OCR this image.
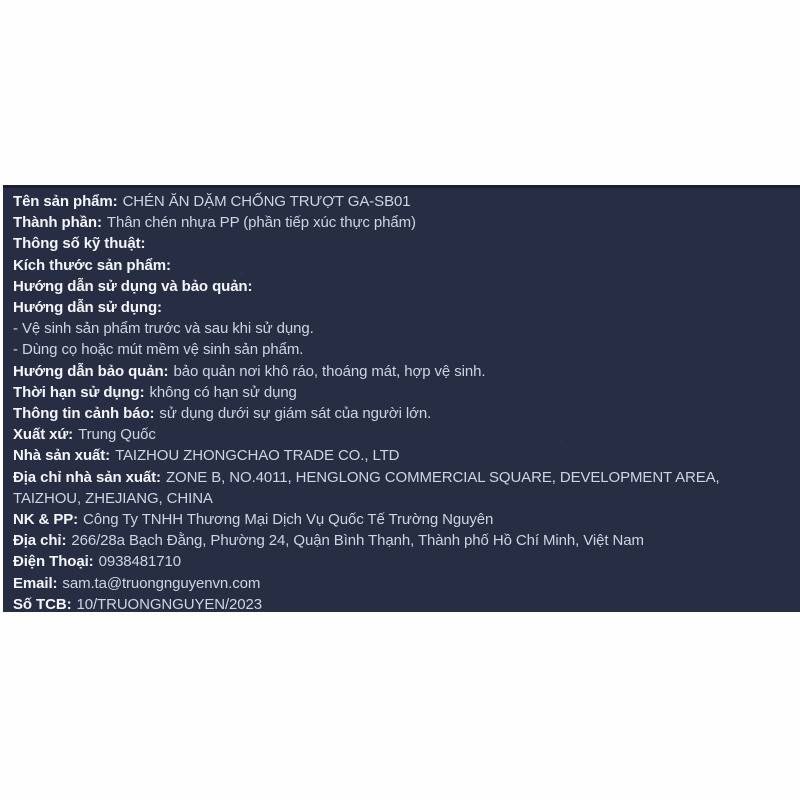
Tên sản phẩm: CHÉN ĂN DẶM CHỐNG TRƯỢT GA-SB01

Thành phần: Thân chén nhựa PP (phần tiếp xúc thực phẩm)

Thông số kỹ thuật:

Kích thước sản phẩm:

Hướng dẫn sử dụng và bảo quản:

Hướng dẫn sử dụng:

- Vệ sinh sản phẩm trước và sau khi sử dụng.

- Dùng cọ hoặc mút mềm vệ sinh sản phẩm.

Hướng dẫn bảo quản: bảo quản nơi khô ráo, thoáng mát, hợp vệ sinh.

Thời hạn sử dụng: không có hạn sử dụng

Thông tin cảnh báo: sử dụng dưới sự giám sát của người lớn.

Xuất xứ: Trung Quốc

Nhà sản xuất: TAIZHOU ZHONGCHAO TRADE CO., LTD

Địa chỉ nhà sản xuất: ZONE B, NO.4011, HENGLONG COMMERCIAL SQUARE, DEVELOPMENT AREA, TAIZHOU, ZHEJIANG, CHINA

NK & PP: Công Ty TNHH Thương Mại Dịch Vụ Quốc Tế Trường Nguyên

Địa chỉ: 266/28a Bạch Đằng, Phường 24, Quận Bình Thạnh, Thành phố Hồ Chí Minh, Việt Nam

Điện Thoại: 0938481710

Email: sam.ta@truongnguyenvn.com

Số TCB: 10/TRUONGNGUYEN/2023
